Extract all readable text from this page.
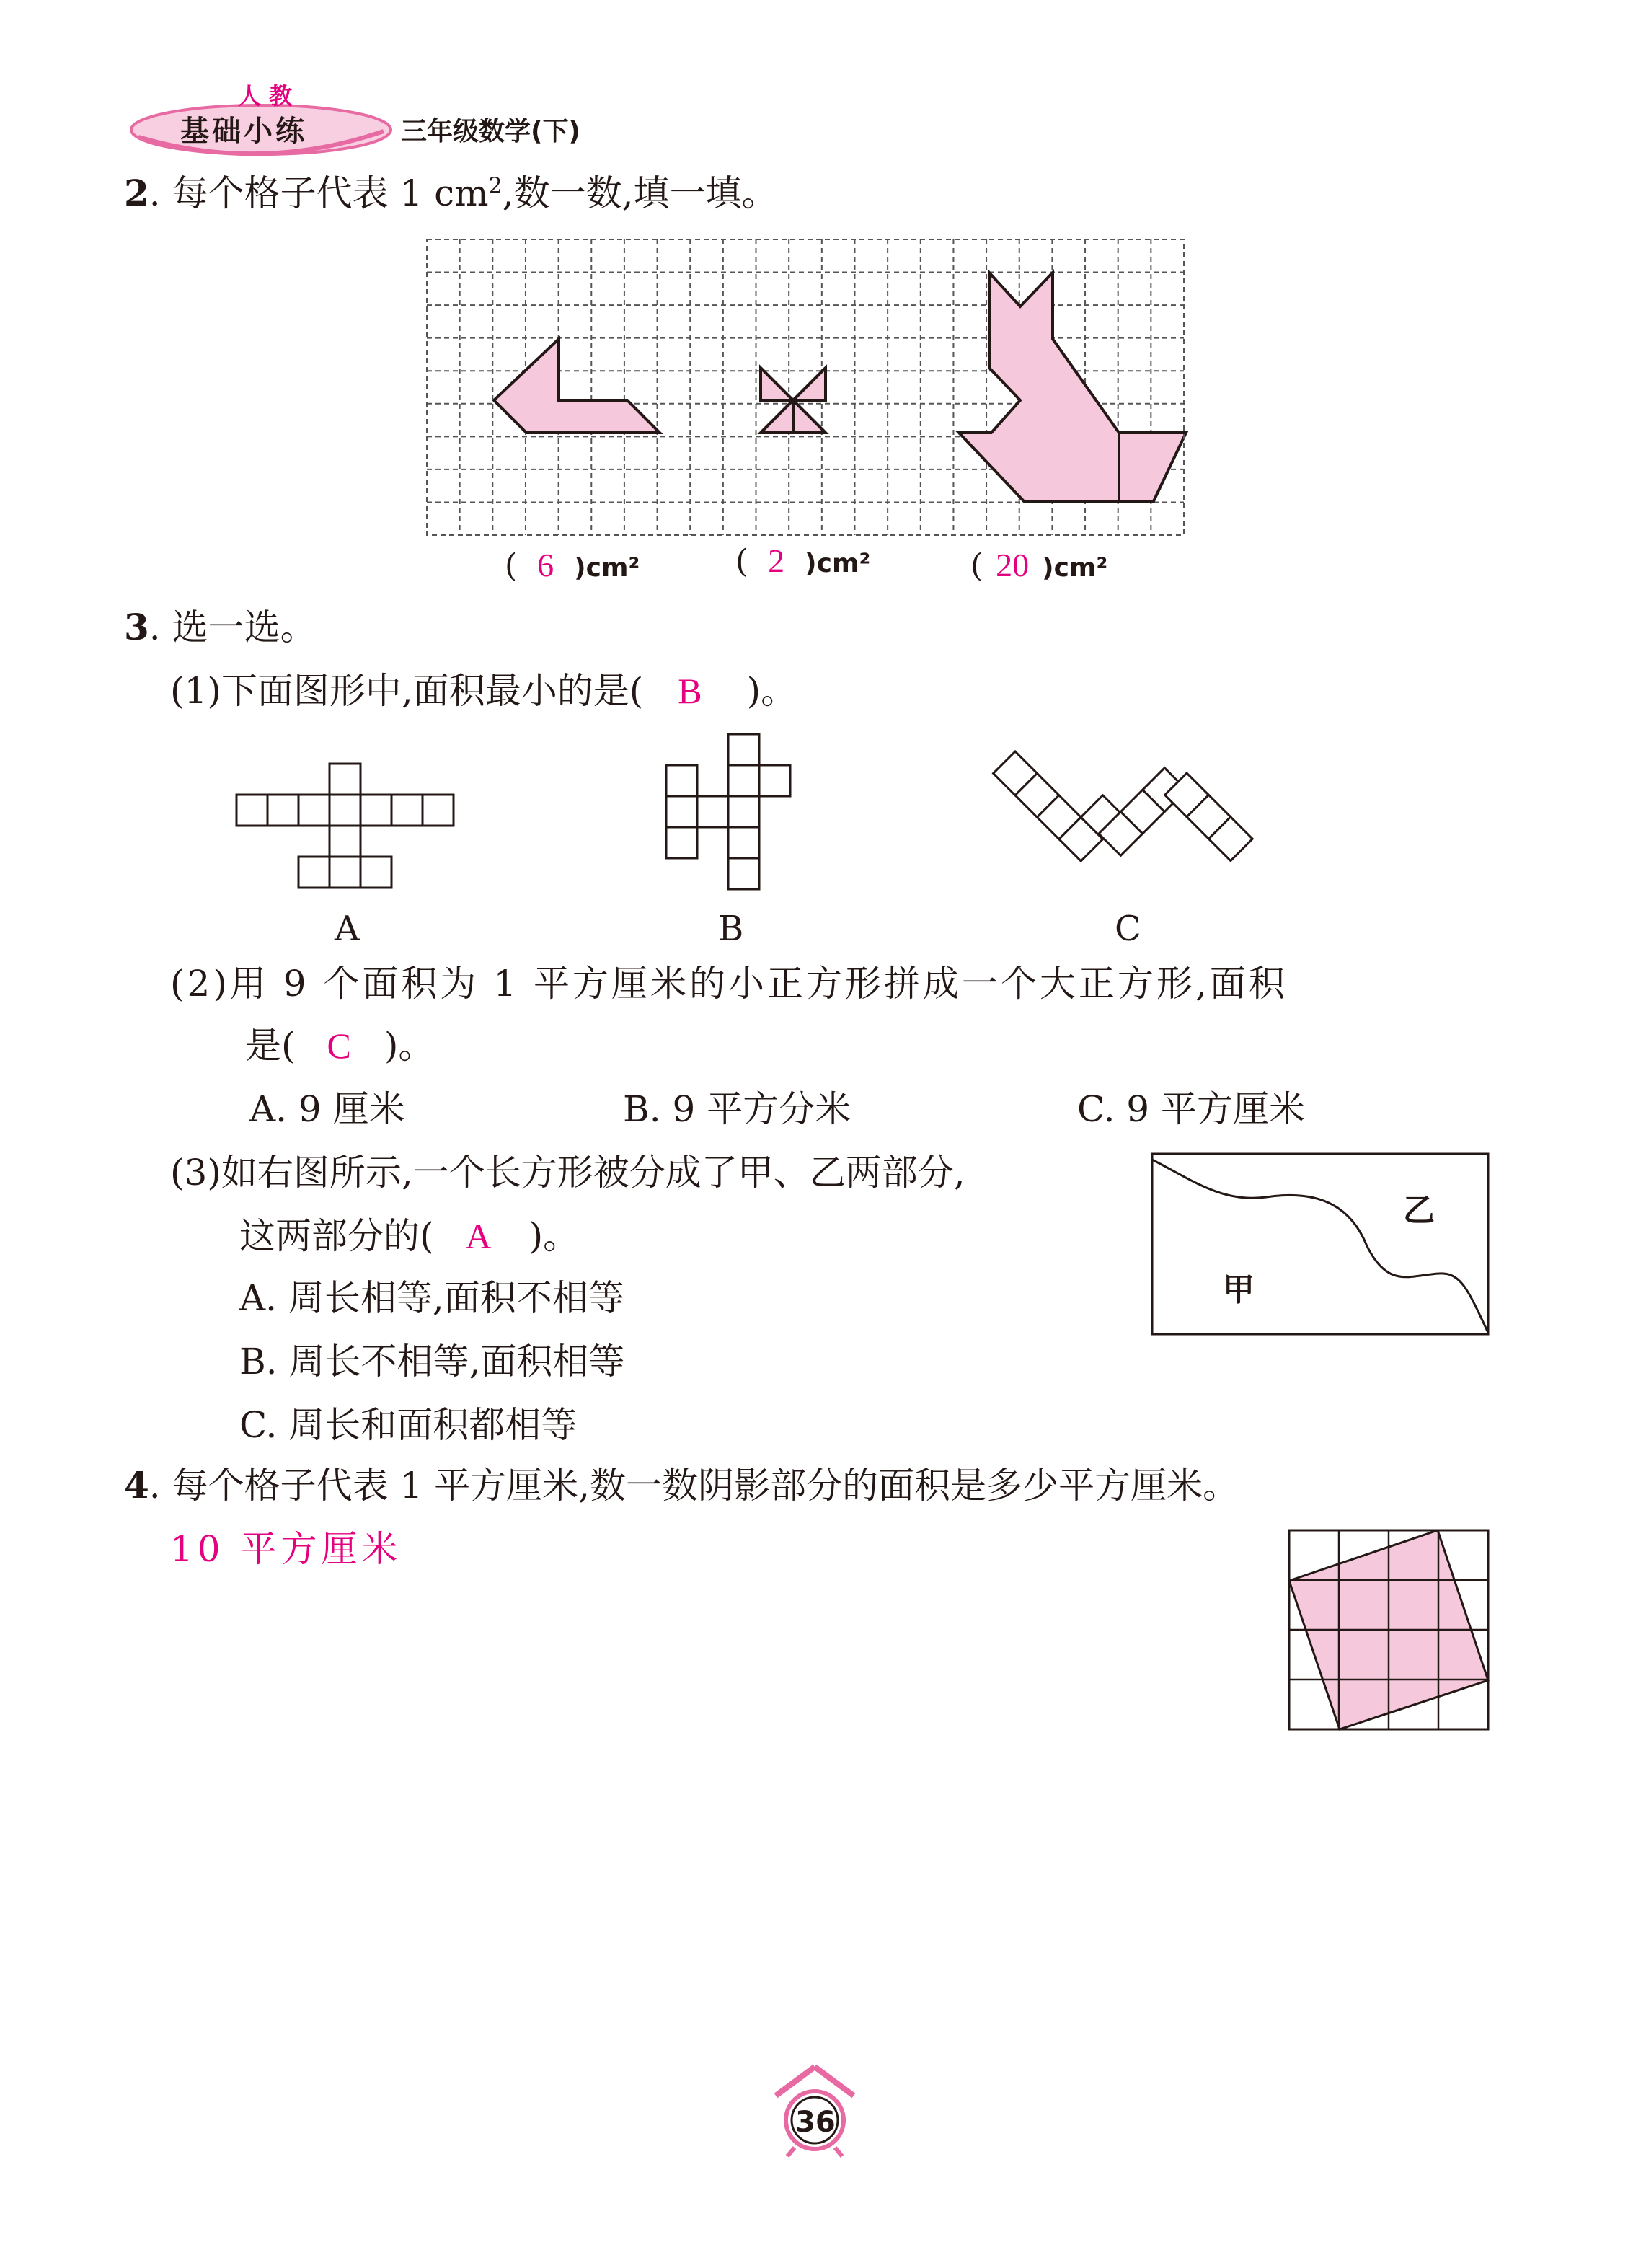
人 教
基础小练	三年级数学(下)
2. 每个格子代表 1 $cm^2$,数一数,填一填。
( 6 )cm²	( 2 )cm²	( 20 )cm²
3. 选一选。
(1)下面图形中,面积最小的是( B )。
A	B	C
(2)用 9 个面积为 1 平方厘米的小正方形拼成一个大正方形,面积
是( C )。
A. 9 厘米	B. 9 平方分米	C. 9 平方厘米
(3)如右图所示,一个长方形被分成了甲、乙两部分,
这两部分的( A )。
A. 周长相等,面积不相等
B. 周长不相等,面积相等
C. 周长和面积都相等
甲
乙
4. 每个格子代表 1 平方厘米,数一数阴影部分的面积是多少平方厘米。
10 平方厘米
36
